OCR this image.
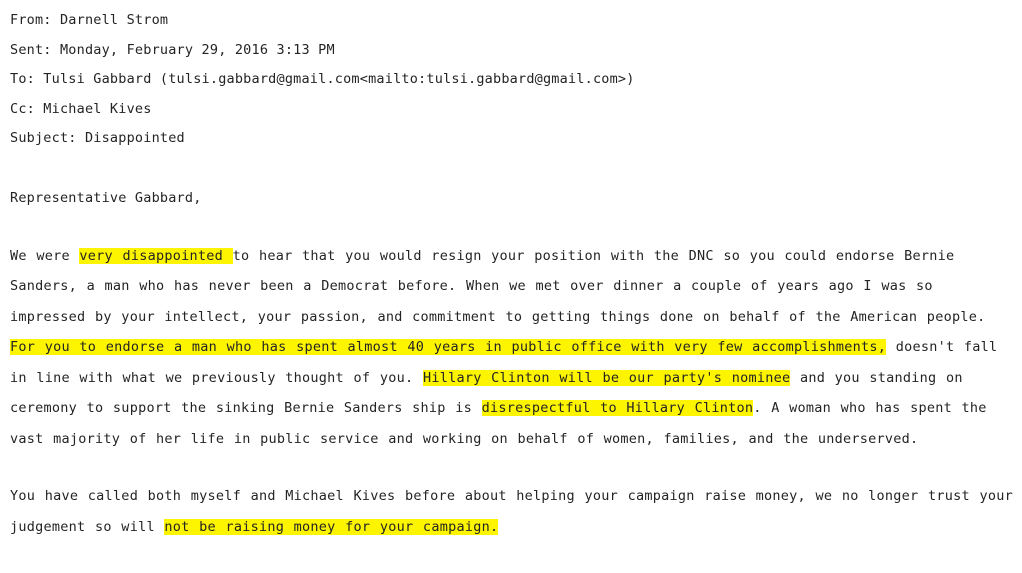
From: Darnell Strom
Sent: Monday, February 29, 2016 3:13 PM
To: Tulsi Gabbard (tulsi.gabbard@gmail.com<mailto:tulsi.gabbard@gmail.com>)
Cc: Michael Kives
Subject: Disappointed
Representative Gabbard,
We were very disappointed to hear that you would resign your position with the DNC so you could endorse Bernie Sanders, a man who has never been a Democrat before. When we met over dinner a couple of years ago I was so impressed by your intellect, your passion, and commitment to getting things done on behalf of the American people. For you to endorse a man who has spent almost 40 years in public office with very few accomplishments, doesn't fall in line with what we previously thought of you. Hillary Clinton will be our party's nominee and you standing on ceremony to support the sinking Bernie Sanders ship is disrespectful to Hillary Clinton. A woman who has spent the vast majority of her life in public service and working on behalf of women, families, and the underserved.
You have called both myself and Michael Kives before about helping your campaign raise money, we no longer trust your judgement so will not be raising money for your campaign.
